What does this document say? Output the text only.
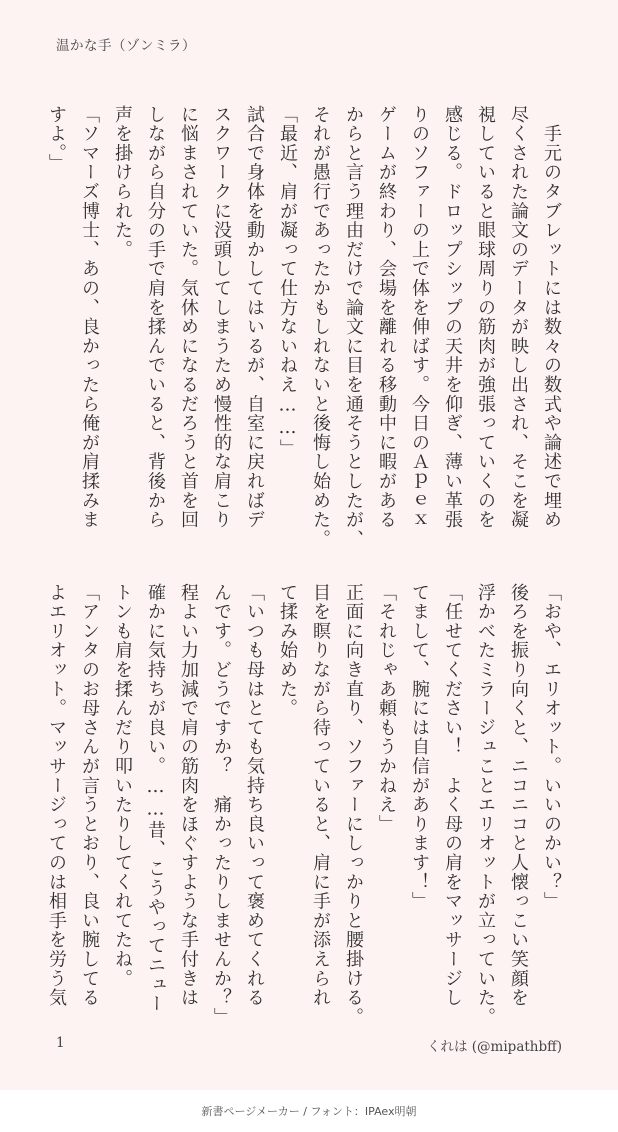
温かな手（ゾンミラ）
　手元のタブレットには数々の数式や論述で埋め
尽くされた論文のデータが映し出され、そこを凝
視していると眼球周りの筋肉が強張っていくのを
感じる。ドロップシップの天井を仰ぎ、薄い革張
りのソファーの上で体を伸ばす。今日のＡｐｅｘ
ゲームが終わり、会場を離れる移動中に暇がある
からと言う理由だけで論文に目を通そうとしたが、
それが愚行であったかもしれないと後悔し始めた。
「最近、肩が凝って仕方ないねえ……」
試合で身体を動かしてはいるが、自室に戻ればデ
スクワークに没頭してしまうため慢性的な肩こり
に悩まされていた。気休めになるだろうと首を回
しながら自分の手で肩を揉んでいると、背後から
声を掛けられた。
「ソマーズ博士、あの、良かったら俺が肩揉みま
すよ。」
「おや、エリオット。いいのかい？」
後ろを振り向くと、ニコニコと人懐っこい笑顔を
浮かべたミラージュことエリオットが立っていた。
「任せてください！　よく母の肩をマッサージし
てまして、腕には自信があります！」
「それじゃあ頼もうかねえ」
正面に向き直り、ソファーにしっかりと腰掛ける。
目を瞑りながら待っていると、肩に手が添えられ
て揉み始めた。
「いつも母はとても気持ち良いって褒めてくれる
んです。どうですか？　痛かったりしませんか？」
程よい力加減で肩の筋肉をほぐすような手付きは
確かに気持ちが良い。……昔、こうやってニュー
トンも肩を揉んだり叩いたりしてくれてたね。
「アンタのお母さんが言うとおり、良い腕してる
よエリオット。マッサージってのは相手を労う気
1	くれは (@mipathbff)
新書ページメーカー / フォント：IPAex明朝
